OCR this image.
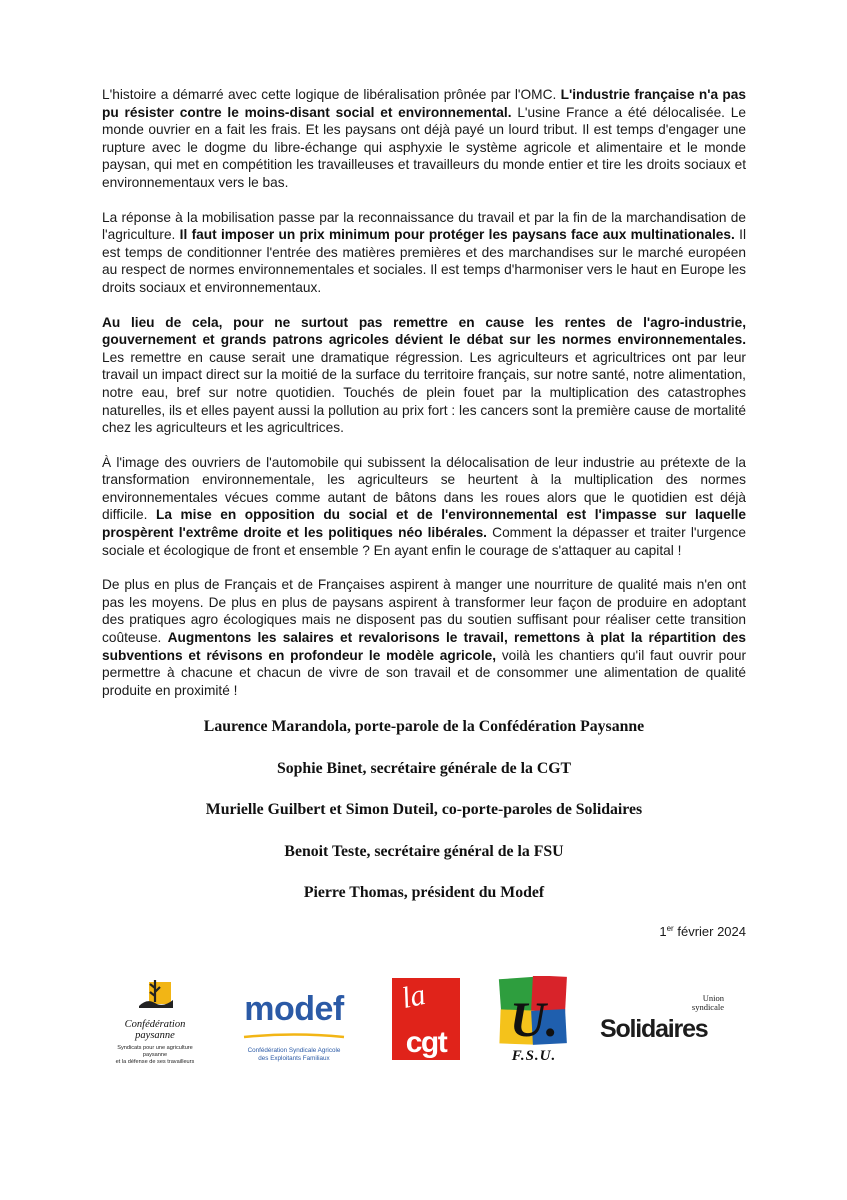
L'histoire a démarré avec cette logique de libéralisation prônée par l'OMC. L'industrie française n'a pas pu résister contre le moins-disant social et environnemental. L'usine France a été délocalisée. Le monde ouvrier en a fait les frais. Et les paysans ont déjà payé un lourd tribut. Il est temps d'engager une rupture avec le dogme du libre-échange qui asphyxie le système agricole et alimentaire et le monde paysan, qui met en compétition les travailleuses et travailleurs du monde entier et tire les droits sociaux et environnementaux vers le bas.

La réponse à la mobilisation passe par la reconnaissance du travail et par la fin de la marchandisation de l'agriculture. Il faut imposer un prix minimum pour protéger les paysans face aux multinationales. Il est temps de conditionner l'entrée des matières premières et des marchandises sur le marché européen au respect de normes environnementales et sociales. Il est temps d'harmoniser vers le haut en Europe les droits sociaux et environnementaux.

Au lieu de cela, pour ne surtout pas remettre en cause les rentes de l'agro-industrie, gouvernement et grands patrons agricoles dévient le débat sur les normes environnementales. Les remettre en cause serait une dramatique régression. Les agriculteurs et agricultrices ont par leur travail un impact direct sur la moitié de la surface du territoire français, sur notre santé, notre alimentation, notre eau, bref sur notre quotidien. Touchés de plein fouet par la multiplication des catastrophes naturelles, ils et elles payent aussi la pollution au prix fort : les cancers sont la première cause de mortalité chez les agriculteurs et les agricultrices.

À l'image des ouvriers de l'automobile qui subissent la délocalisation de leur industrie au prétexte de la transformation environnementale, les agriculteurs se heurtent à la multiplication des normes environnementales vécues comme autant de bâtons dans les roues alors que le quotidien est déjà difficile. La mise en opposition du social et de l'environnemental est l'impasse sur laquelle prospèrent l'extrême droite et les politiques néo libérales. Comment la dépasser et traiter l'urgence sociale et écologique de front et ensemble ? En ayant enfin le courage de s'attaquer au capital !

De plus en plus de Français et de Françaises aspirent à manger une nourriture de qualité mais n'en ont pas les moyens. De plus en plus de paysans aspirent à transformer leur façon de produire en adoptant des pratiques agro écologiques mais ne disposent pas du soutien suffisant pour réaliser cette transition coûteuse. Augmentons les salaires et revalorisons le travail, remettons à plat la répartition des subventions et révisons en profondeur le modèle agricole, voilà les chantiers qu'il faut ouvrir pour permettre à chacune et chacun de vivre de son travail et de consommer une alimentation de qualité produite en proximité !

Laurence Marandola, porte-parole de la Confédération Paysanne
Sophie Binet, secrétaire générale de la CGT
Murielle Guilbert et Simon Duteil, co-porte-paroles de Solidaires
Benoit Teste, secrétaire général de la FSU
Pierre Thomas, président du Modef
1er février 2024
Confédération
paysanne
Syndicats pour une agriculture paysanne
et la défense de ses travailleurs
modef
Confédération Syndicale Agricole
des Exploitants Familiaux
la
cgt U.
F.S.U.
Union
syndicale
Solidaires
